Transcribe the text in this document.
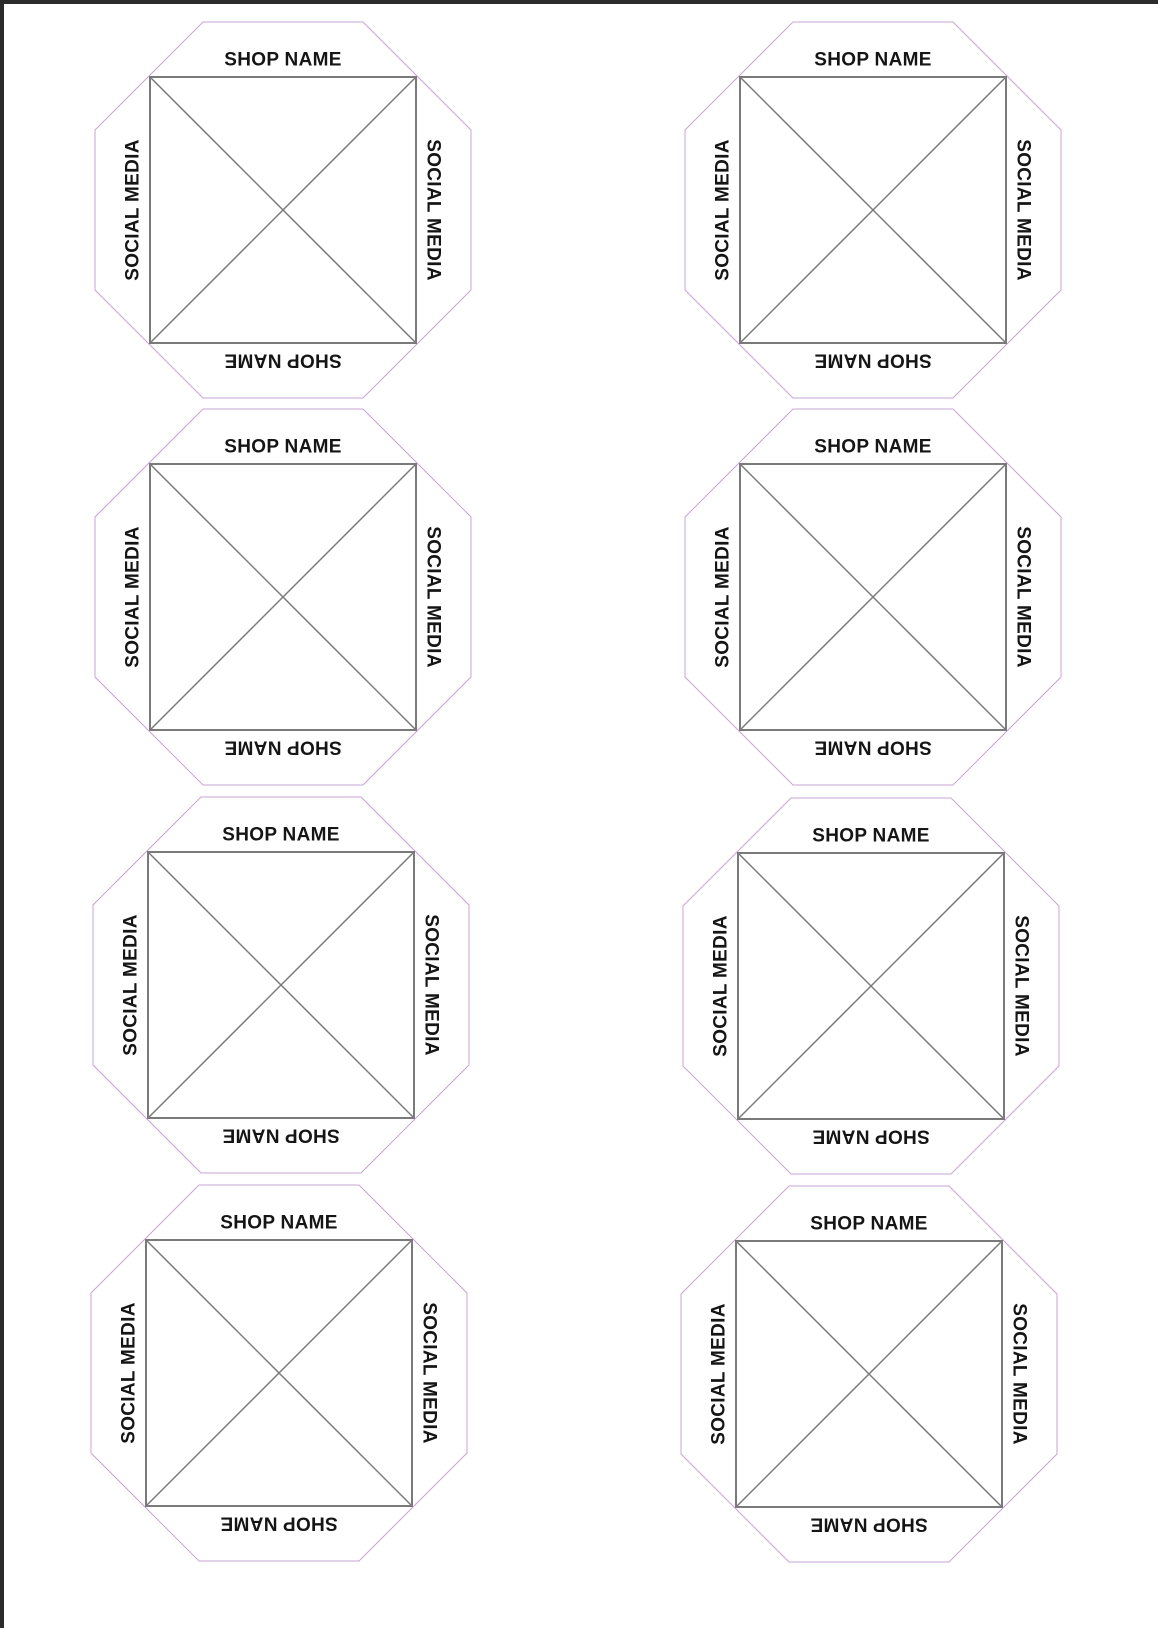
SHOP NAME
SHOP NAME
SOCIAL MEDIA	SOCIAL MEDIA
SHOP NAME
SHOP NAME
SOCIAL MEDIA	SOCIAL MEDIA
SHOP NAME
SHOP NAME
SOCIAL MEDIA	SOCIAL MEDIA
SHOP NAME
SHOP NAME
SOCIAL MEDIA	SOCIAL MEDIA
SHOP NAME
SHOP NAME
SOCIAL MEDIA	SOCIAL MEDIA
SHOP NAME
SHOP NAME
SOCIAL MEDIA	SOCIAL MEDIA
SHOP NAME
SHOP NAME
SOCIAL MEDIA	SOCIAL MEDIA
SHOP NAME
SHOP NAME
SOCIAL MEDIA	SOCIAL MEDIA
